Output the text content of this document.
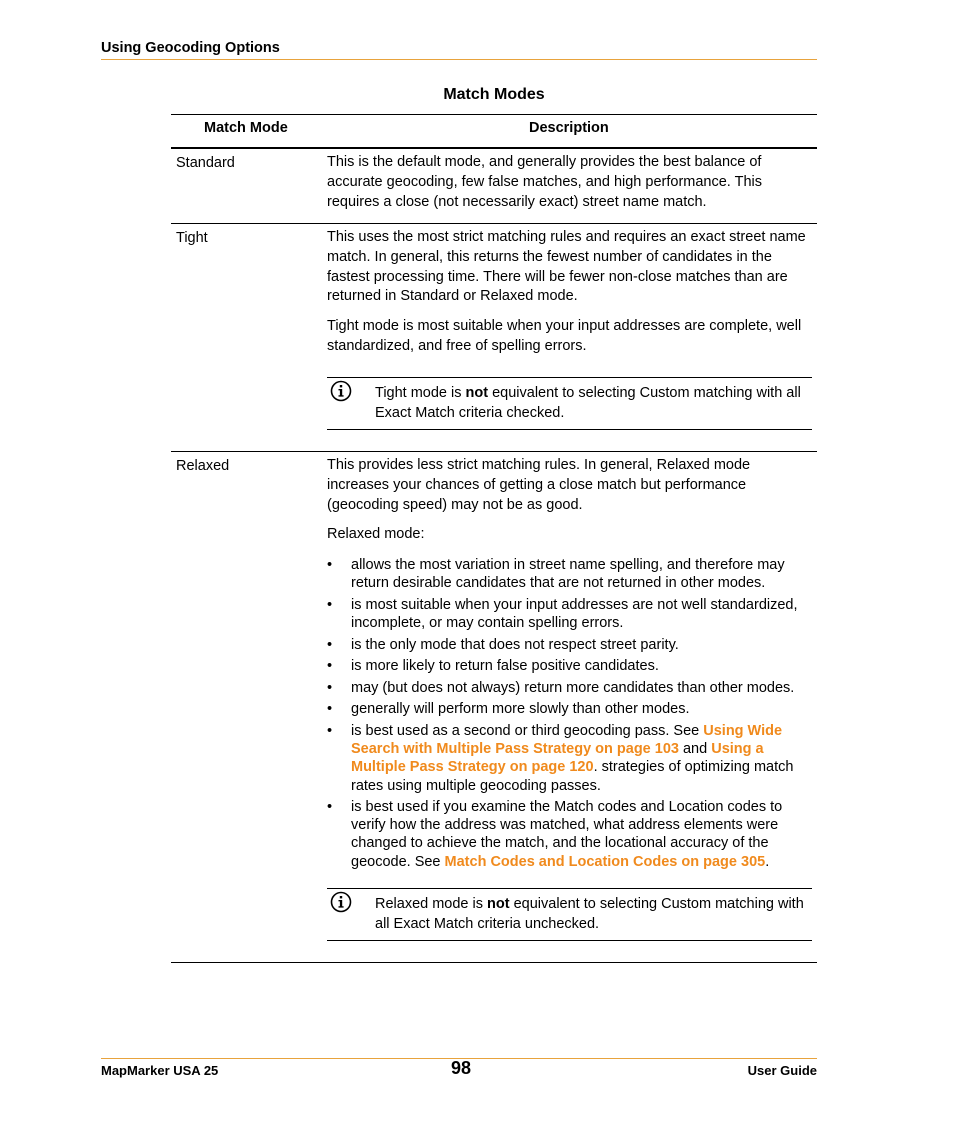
Using Geocoding Options
Match Modes
Match Mode	Description
Standard	This is the default mode, and generally provides the best balance of accurate geocoding, few false matches, and high performance. This requires a close (not necessarily exact) street name match.

Tight	This uses the most strict matching rules and requires an exact street name match. In general, this returns the fewest number of candidates in the fastest processing time. There will be fewer non-close matches than are returned in Standard or Relaxed mode.

Tight mode is most suitable when your input addresses are complete, well standardized, and free of spelling errors.

Tight mode is not equivalent to selecting Custom matching with all Exact Match criteria checked.
Relaxed	This provides less strict matching rules. In general, Relaxed mode increases your chances of getting a close match but performance (geocoding speed) may not be as good.

Relaxed mode:

• allows the most variation in street name spelling, and therefore may return desirable candidates that are not returned in other modes.
• is most suitable when your input addresses are not well standardized, incomplete, or may contain spelling errors.
• is the only mode that does not respect street parity.
• is more likely to return false positive candidates.
• may (but does not always) return more candidates than other modes.
• generally will perform more slowly than other modes.
• is best used as a second or third geocoding pass. See Using Wide Search with Multiple Pass Strategy on page 103 and Using a Multiple Pass Strategy on page 120. strategies of optimizing match rates using multiple geocoding passes.
• is best used if you examine the Match codes and Location codes to verify how the address was matched, what address elements were changed to achieve the match, and the locational accuracy of the geocode. See Match Codes and Location Codes on page 305.
Relaxed mode is not equivalent to selecting Custom matching with all Exact Match criteria unchecked.
MapMarker USA 25	98	User Guide
